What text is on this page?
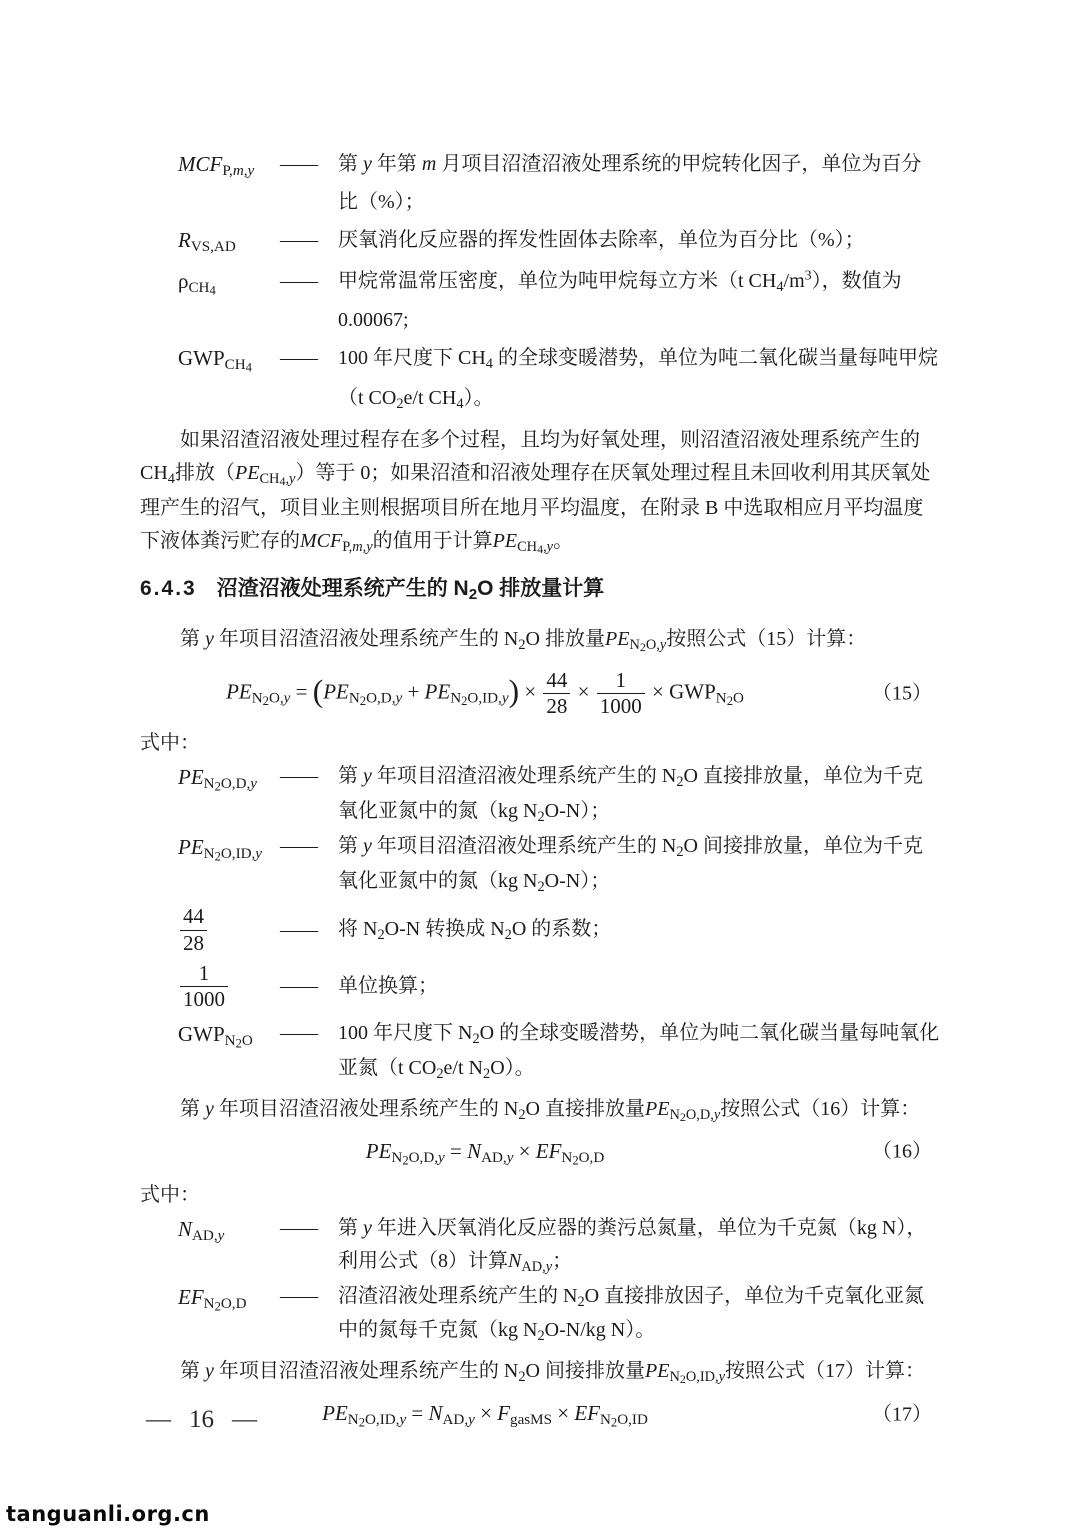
$MCF_{P,m,y}$	——	第 y 年第 m 月项目沼渣沼液处理系统的甲烷转化因子，单位为百分比（%）；
$R_{VS,AD}$	——	厌氧消化反应器的挥发性固体去除率，单位为百分比（%）；
$\rho_{CH4}$	——	甲烷常温常压密度，单位为吨甲烷每立方米（t $CH_4/m^3$），数值为 0.00067;
$GWP_{CH4}$	——	100 年尺度下 $CH_4$ 的全球变暖潜势，单位为吨二氧化碳当量每吨甲烷（t $CO_2e/t$ $CH_4$）。
如果沼渣沼液处理过程存在多个过程，且均为好氧处理，则沼渣沼液处理系统产生的 $CH_4$排放$(PE_{CH4,y})$等于 0；如果沼渣和沼液处理存在厌氧处理过程且未回收利用其厌氧处理产生的沼气，项目业主则根据项目所在地月平均温度，在附录 B 中选取相应月平均温度下液体粪污贮存的$MCF_{P,m,y}$的值用于计算$PE_{CH4,y}$。
6.4.3 沼渣沼液处理系统产生的 $N_2O$ 排放量计算
第 y 年项目沼渣沼液处理系统产生的 $N_2O$ 排放量$PE_{N2O,y}$按照公式（15）计算：
$PE_{N2O,y} = (PE_{N2O,D,y} + PE_{N2O,ID,y}) \times \frac{44}{28} \times \frac{1}{1000} \times GWP_{N2O}$	（15）
式中：
$PE_{N2O,D,y}$	——	第 y 年项目沼渣沼液处理系统产生的 $N_2O$ 直接排放量，单位为千克氧化亚氮中的氮（kg $N_2O-N$）；
$PE_{N2O,ID,y}$ ——	第 y 年项目沼渣沼液处理系统产生的 $N_2O$ 间接排放量，单位为千克氧化亚氮中的氮（kg $N_2O-N$）；
$\frac{44}{28}$	——	将 $N_2O-N$ 转换成 $N_2O$ 的系数；
$\frac{1}{1000}$	——	单位换算；
$GWP_{N2O}$	——	100 年尺度下 $N_2O$ 的全球变暖潜势，单位为吨二氧化碳当量每吨氧化亚氮（t $CO_2e/t$ $N_2O$）。
第 y 年项目沼渣沼液处理系统产生的 $N_2O$ 直接排放量$PE_{N2O,D,y}$按照公式（16）计算：
$PE_{N2O,D,y} = N_{AD,y} \times EF_{N2O,D}$	（16）
式中：
$N_{AD,y}$	——	第 y 年进入厌氧消化反应器的粪污总氮量，单位为千克氮（kg N），利用公式（8）计算$N_{AD,y}$；
$EF_{N2O,D}$	——	沼渣沼液处理系统产生的 $N_2O$ 直接排放因子，单位为千克氧化亚氮中的氮每千克氮（kg $N_2O-N/kg$ N）。
第 y 年项目沼渣沼液处理系统产生的 $N_2O$ 间接排放量$PE_{N2O,ID,y}$按照公式（17）计算：
$PE_{N2O,ID,y} = N_{AD,y} \times F_{gasMS} \times EF_{N2O,ID}$	（17）
— 16 —
tanguanli.org.cn
